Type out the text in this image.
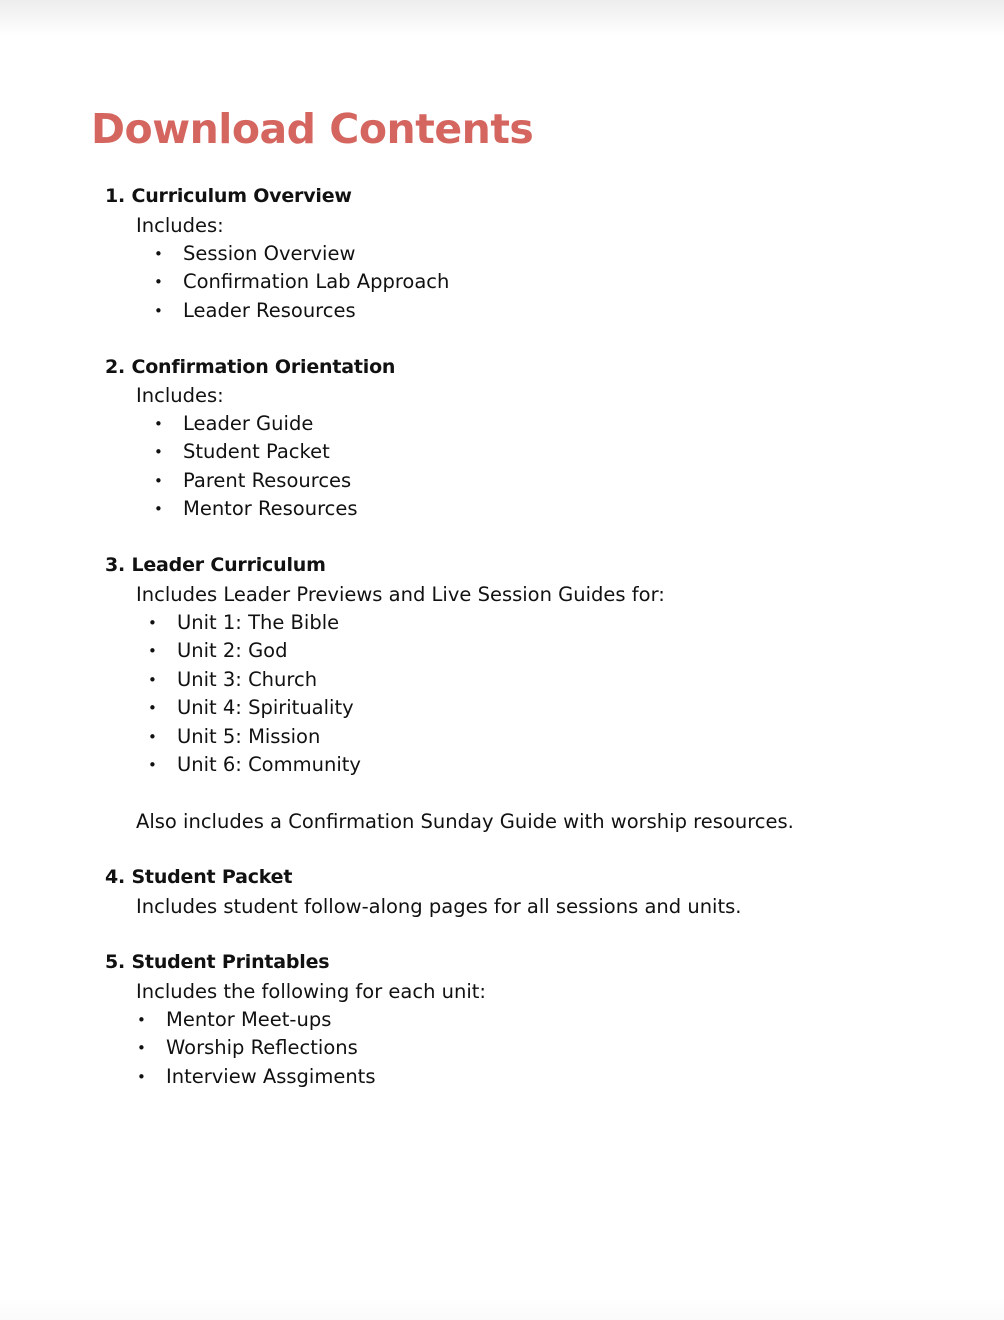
Download Contents
1. Curriculum Overview

Includes:

• Session Overview
• Confirmation Lab Approach
• Leader Resources
2. Confirmation Orientation

Includes:

• Leader Guide
• Student Packet
• Parent Resources
• Mentor Resources
3. Leader Curriculum

Includes Leader Previews and Live Session Guides for:

• Unit 1: The Bible
• Unit 2: God
• Unit 3: Church
• Unit 4: Spirituality
• Unit 5: Mission
• Unit 6: Community

Also includes a Confirmation Sunday Guide with worship resources.

4. Student Packet

Includes student follow-along pages for all sessions and units.

5. Student Printables

Includes the following for each unit:

• Mentor Meet-ups
• Worship Reflections
• Interview Assgiments
